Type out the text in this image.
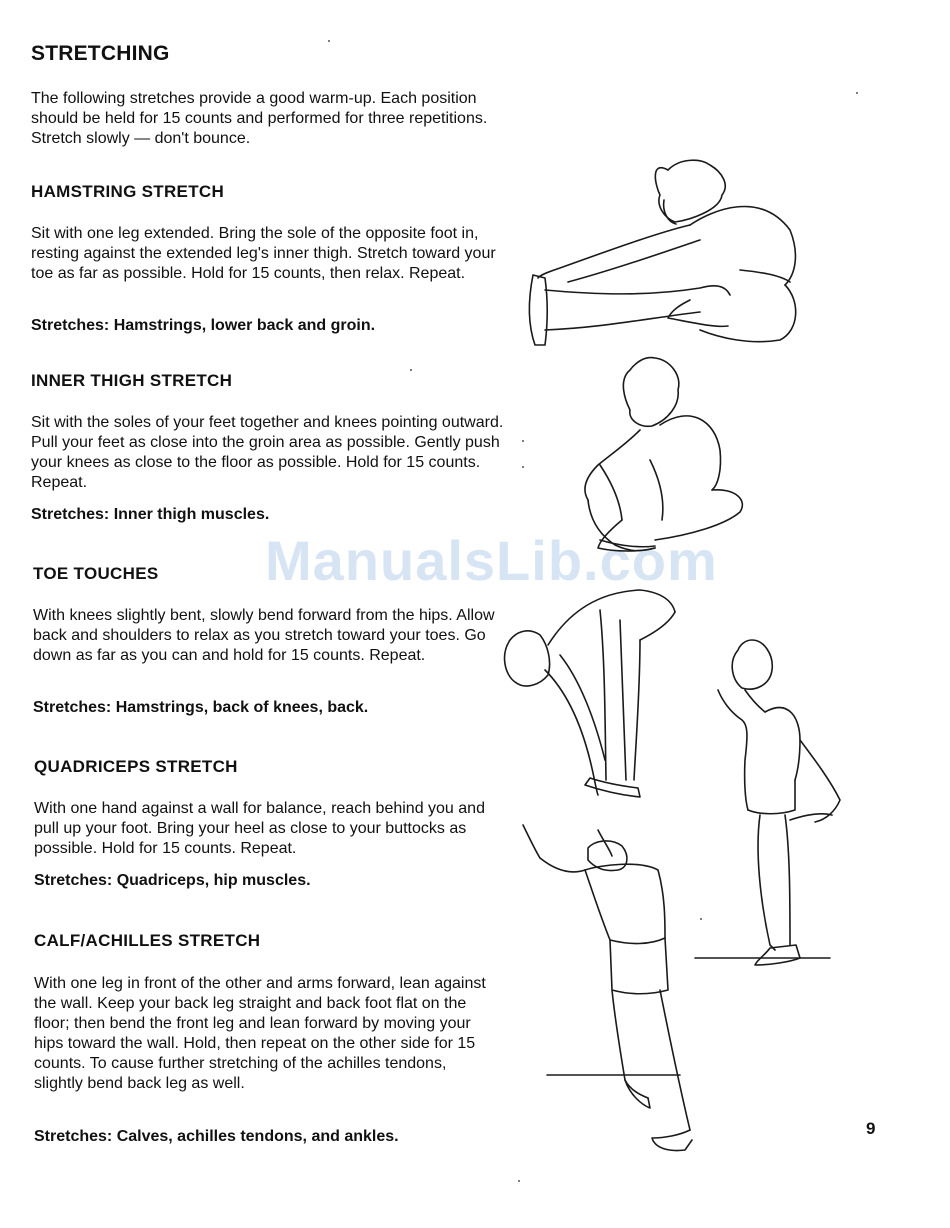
STRETCHING

The following stretches provide a good warm-up. Each position should be held for 15 counts and performed for three repetitions. Stretch slowly — don't bounce.

HAMSTRING STRETCH

Sit with one leg extended. Bring the sole of the opposite foot in, resting against the extended leg's inner thigh. Stretch toward your toe as far as possible. Hold for 15 counts, then relax. Repeat.

Stretches: Hamstrings, lower back and groin.

INNER THIGH STRETCH

Sit with the soles of your feet together and knees pointing outward. Pull your feet as close into the groin area as possible. Gently push your knees as close to the floor as possible. Hold for 15 counts. Repeat.

Stretches: Inner thigh muscles.

TOE TOUCHES

With knees slightly bent, slowly bend forward from the hips. Allow back and shoulders to relax as you stretch toward your toes. Go down as far as you can and hold for 15 counts. Repeat.

Stretches: Hamstrings, back of knees, back.

QUADRICEPS STRETCH

With one hand against a wall for balance, reach behind you and pull up your foot. Bring your heel as close to your buttocks as possible. Hold for 15 counts. Repeat.

Stretches: Quadriceps, hip muscles.

CALF/ACHILLES STRETCH

With one leg in front of the other and arms forward, lean against the wall. Keep your back leg straight and back foot flat on the floor; then bend the front leg and lean forward by moving your hips toward the wall. Hold, then repeat on the other side for 15 counts. To cause further stretching of the achilles tendons, slightly bend back leg as well.

Stretches: Calves, achilles tendons, and ankles.	9
ManualsLib.com
